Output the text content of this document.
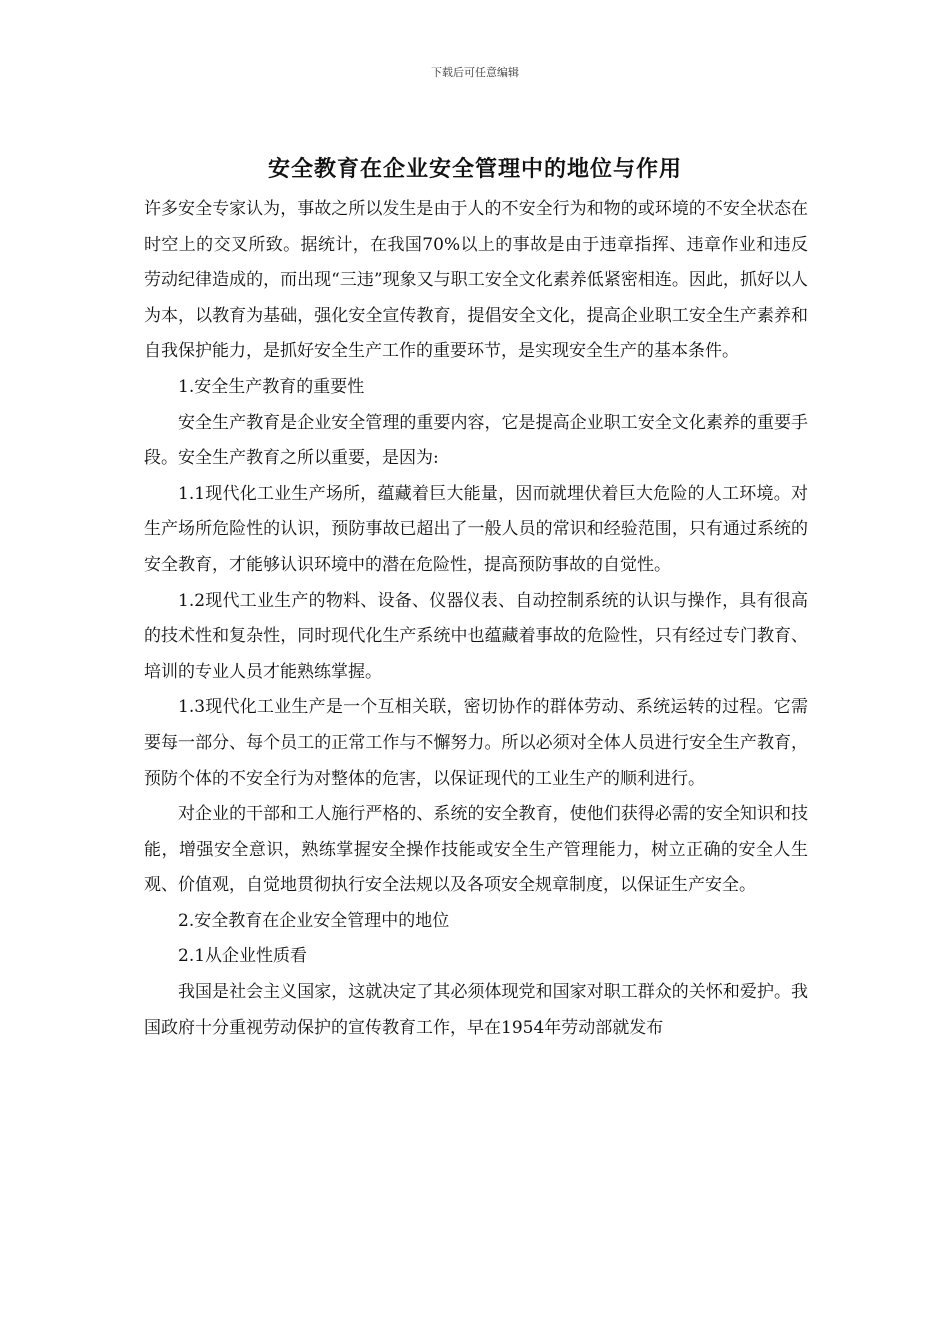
下载后可任意编辑
安全教育在企业安全管理中的地位与作用

许多安全专家认为，事故之所以发生是由于人的不安全行为和物的或环境的不安全状态在时空上的交叉所致。据统计，在我国70%以上的事故是由于违章指挥、违章作业和违反劳动纪律造成的，而出现“三违”现象又与职工安全文化素养低紧密相连。因此，抓好以人为本，以教育为基础，强化安全宣传教育，提倡安全文化，提高企业职工安全生产素养和自我保护能力，是抓好安全生产工作的重要环节，是实现安全生产的基本条件。

1.安全生产教育的重要性

安全生产教育是企业安全管理的重要内容，它是提高企业职工安全文化素养的重要手段。安全生产教育之所以重要，是因为:

1.1现代化工业生产场所，蕴藏着巨大能量，因而就埋伏着巨大危险的人工环境。对生产场所危险性的认识，预防事故已超出了一般人员的常识和经验范围，只有通过系统的安全教育，才能够认识环境中的潜在危险性，提高预防事故的自觉性。

1.2现代工业生产的物料、设备、仪器仪表、自动控制系统的认识与操作，具有很高的技术性和复杂性，同时现代化生产系统中也蕴藏着事故的危险性，只有经过专门教育、培训的专业人员才能熟练掌握。

1.3现代化工业生产是一个互相关联，密切协作的群体劳动、系统运转的过程。它需要每一部分、每个员工的正常工作与不懈努力。所以必须对全体人员进行安全生产教育，预防个体的不安全行为对整体的危害，以保证现代的工业生产的顺利进行。

对企业的干部和工人施行严格的、系统的安全教育，使他们获得必需的安全知识和技能，增强安全意识，熟练掌握安全操作技能或安全生产管理能力，树立正确的安全人生观、价值观，自觉地贯彻执行安全法规以及各项安全规章制度，以保证生产安全。

2.安全教育在企业安全管理中的地位

2.1从企业性质看

我国是社会主义国家，这就决定了其必须体现党和国家对职工群众的关怀和爱护。我国政府十分重视劳动保护的宣传教育工作，早在1954年劳动部就发布
